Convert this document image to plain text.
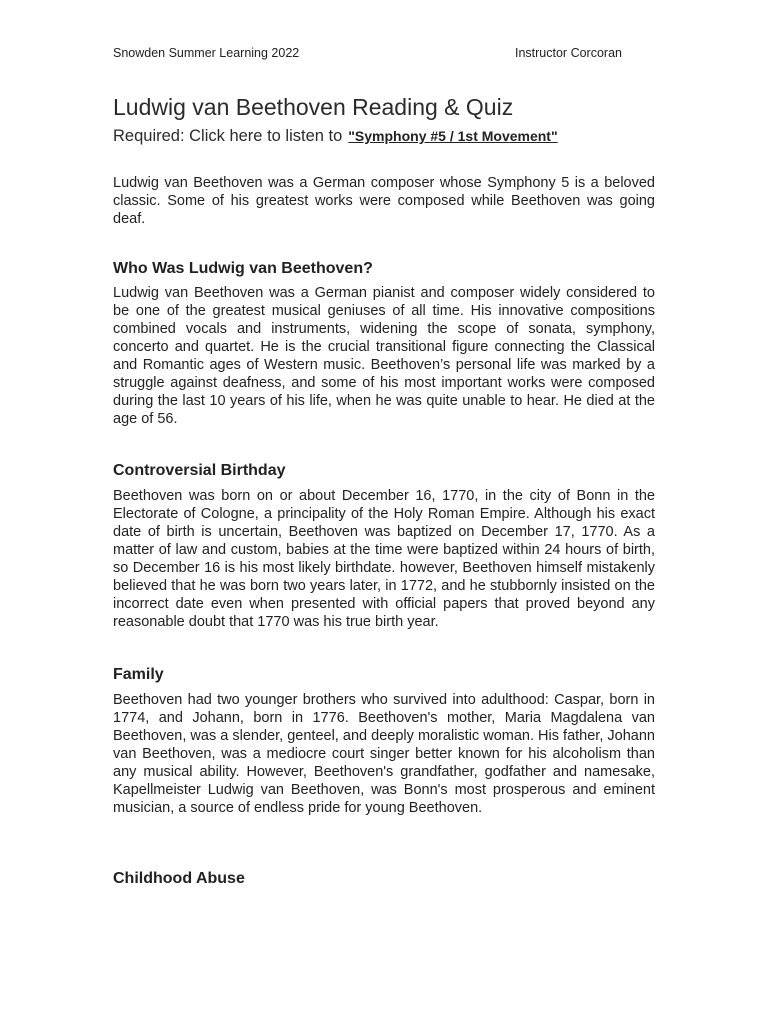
Snowden Summer Learning 2022	Instructor Corcoran
Ludwig van Beethoven Reading & Quiz
Required: Click here to listen to "Symphony #5 / 1st Movement"
Ludwig van Beethoven was a German composer whose Symphony 5 is a beloved classic. Some of his greatest works were composed while Beethoven was going deaf.
Who Was Ludwig van Beethoven?
Ludwig van Beethoven was a German pianist and composer widely considered to be one of the greatest musical geniuses of all time. His innovative compositions combined vocals and instruments, widening the scope of sonata, symphony, concerto and quartet. He is the crucial transitional figure connecting the Classical and Romantic ages of Western music. Beethoven’s personal life was marked by a struggle against deafness, and some of his most important works were composed during the last 10 years of his life, when he was quite unable to hear. He died at the age of 56.
Controversial Birthday
Beethoven was born on or about December 16, 1770, in the city of Bonn in the Electorate of Cologne, a principality of the Holy Roman Empire. Although his exact date of birth is uncertain, Beethoven was baptized on December 17, 1770. As a matter of law and custom, babies at the time were baptized within 24 hours of birth, so December 16 is his most likely birthdate. however, Beethoven himself mistakenly believed that he was born two years later, in 1772, and he stubbornly insisted on the incorrect date even when presented with official papers that proved beyond any reasonable doubt that 1770 was his true birth year.
Family
Beethoven had two younger brothers who survived into adulthood: Caspar, born in 1774, and Johann, born in 1776. Beethoven's mother, Maria Magdalena van Beethoven, was a slender, genteel, and deeply moralistic woman. His father, Johann van Beethoven, was a mediocre court singer better known for his alcoholism than any musical ability. However, Beethoven's grandfather, godfather and namesake, Kapellmeister Ludwig van Beethoven, was Bonn's most prosperous and eminent musician, a source of endless pride for young Beethoven.
Childhood Abuse
